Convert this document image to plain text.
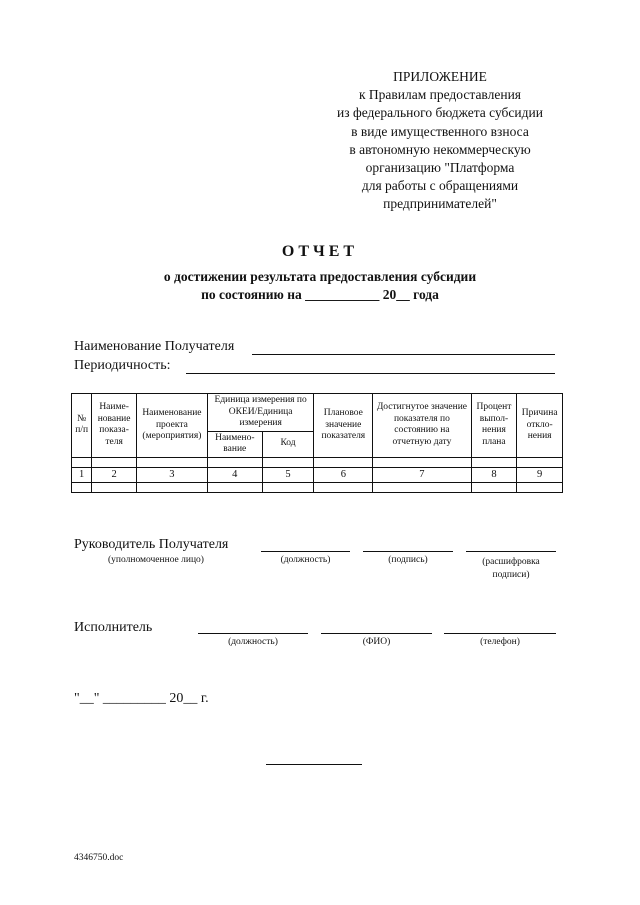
ПРИЛОЖЕНИЕ
к Правилам предоставления
из федерального бюджета субсидии
в виде имущественного взноса
в автономную некоммерческую
организацию "Платформа
для работы с обращениями
предпринимателей"
ОТЧЕТ
о достижении результата предоставления субсидии
по состоянию на ___________ 20__ года
Наименование Получателя
Периодичность:
№ п/п	Наиме- нование показа- теля	Наименование проекта (мероприятия)	Единица измерения по ОКЕИ/Единица измерения		Плановое значение показателя	Достигнутое значение показателя по состоянию на отчетную дату	Процент выпол- нения плана	Причина откло- нения
			Наимено- вание	Код				

1	2	3	4	5	6	7	8	9

Руководитель Получателя
(уполномоченное лицо)	(должность)	(подпись)	(расшифровка подписи)
Исполнитель
(должность)	(ФИО)	(телефон)
"__" _________ 20__ г.
4346750.doc
